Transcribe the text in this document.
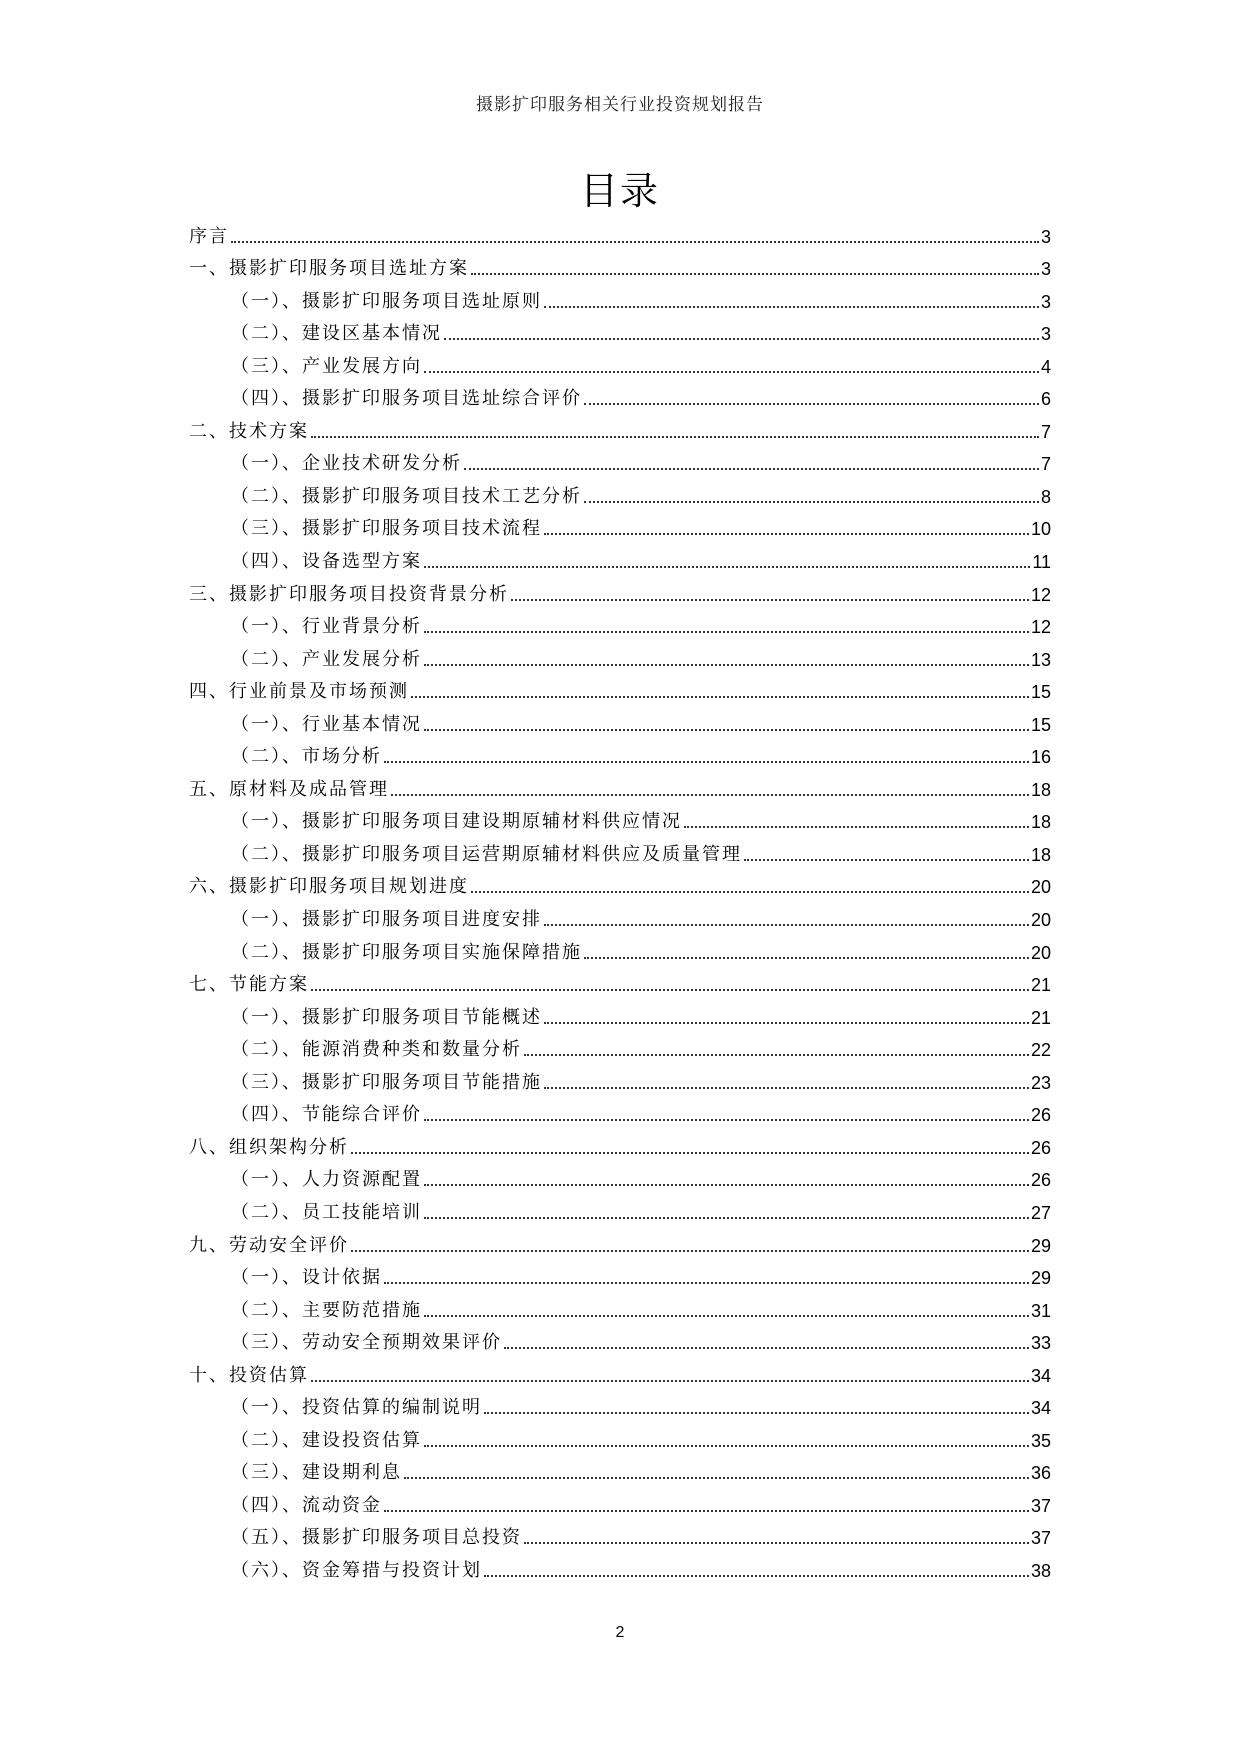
摄影扩印服务相关行业投资规划报告
目录
序言	3
一、摄影扩印服务项目选址方案	3
（一）、摄影扩印服务项目选址原则	3
（二）、建设区基本情况	3
（三）、产业发展方向	4
（四）、摄影扩印服务项目选址综合评价	6
二、技术方案	7
（一）、企业技术研发分析	7
（二）、摄影扩印服务项目技术工艺分析	8
（三）、摄影扩印服务项目技术流程	10
（四）、设备选型方案	11
三、摄影扩印服务项目投资背景分析	12
（一）、行业背景分析	12
（二）、产业发展分析	13
四、行业前景及市场预测	15
（一）、行业基本情况	15
（二）、市场分析	16
五、原材料及成品管理	18
（一）、摄影扩印服务项目建设期原辅材料供应情况	18
（二）、摄影扩印服务项目运营期原辅材料供应及质量管理	18
六、摄影扩印服务项目规划进度	20
（一）、摄影扩印服务项目进度安排	20
（二）、摄影扩印服务项目实施保障措施	20
七、节能方案	21
（一）、摄影扩印服务项目节能概述	21
（二）、能源消费种类和数量分析	22
（三）、摄影扩印服务项目节能措施	23
（四）、节能综合评价	26
八、组织架构分析	26
（一）、人力资源配置	26
（二）、员工技能培训	27
九、劳动安全评价	29
（一）、设计依据	29
（二）、主要防范措施	31
（三）、劳动安全预期效果评价	33
十、投资估算	34
（一）、投资估算的编制说明	34
（二）、建设投资估算	35
（三）、建设期利息	36
（四）、流动资金	37
（五）、摄影扩印服务项目总投资	37
（六）、资金筹措与投资计划	38
2
